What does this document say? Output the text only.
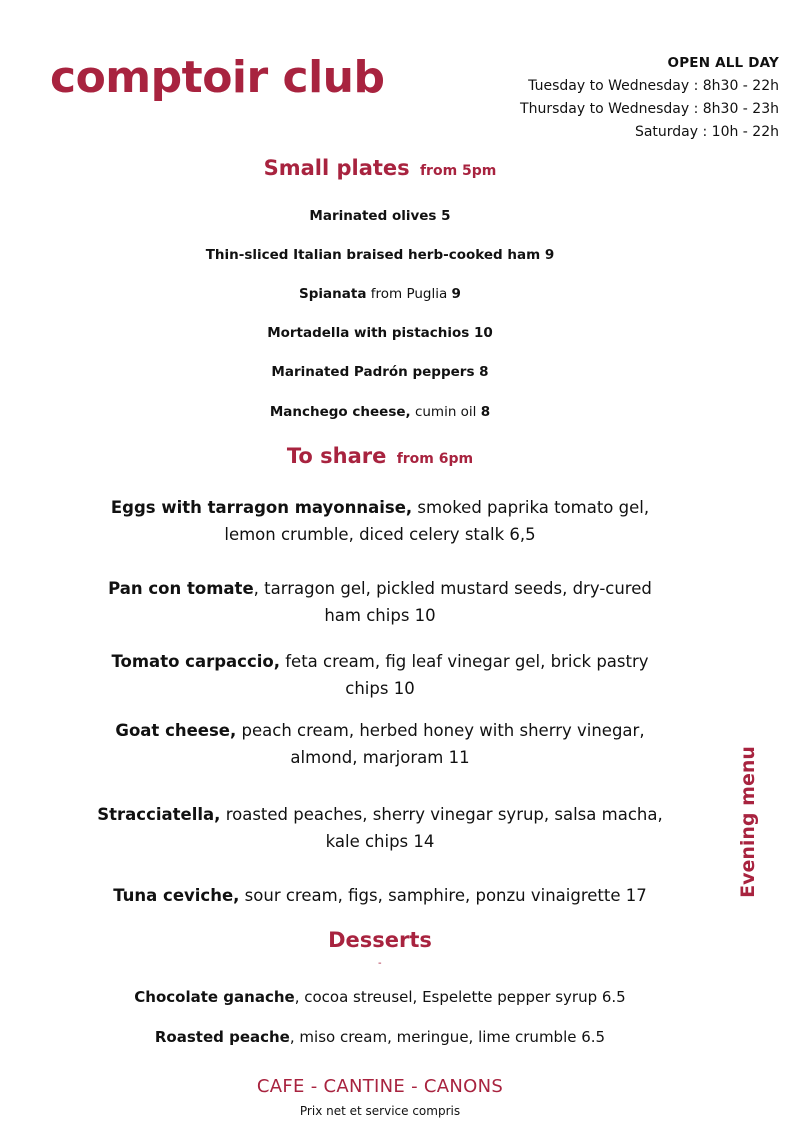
comptoir club	OPEN ALL DAY
Tuesday to Wednesday : 8h30 - 22h
Thursday to Wednesday : 8h30 - 23h
Saturday : 10h - 22h
Small plates from 5pm
Marinated olives 5
Thin-sliced Italian braised herb-cooked ham 9
Spianata from Puglia 9
Mortadella with pistachios 10
Marinated Padrón peppers 8
Manchego cheese, cumin oil 8
To share from 6pm
Eggs with tarragon mayonnaise, smoked paprika tomato gel, lemon crumble, diced celery stalk 6,5
Pan con tomate, tarragon gel, pickled mustard seeds, dry-cured ham chips 10
Tomato carpaccio, feta cream, fig leaf vinegar gel, brick pastry chips 10
Goat cheese, peach cream, herbed honey with sherry vinegar, almond, marjoram 11
Stracciatella, roasted peaches, sherry vinegar syrup, salsa macha, kale chips 14
Tuna ceviche, sour cream, figs, samphire, ponzu vinaigrette 17
Desserts
-
Chocolate ganache, cocoa streusel, Espelette pepper syrup 6.5
Roasted peache, miso cream, meringue, lime crumble 6.5
Evening menu
CAFE - CANTINE - CANONS
Prix net et service compris
